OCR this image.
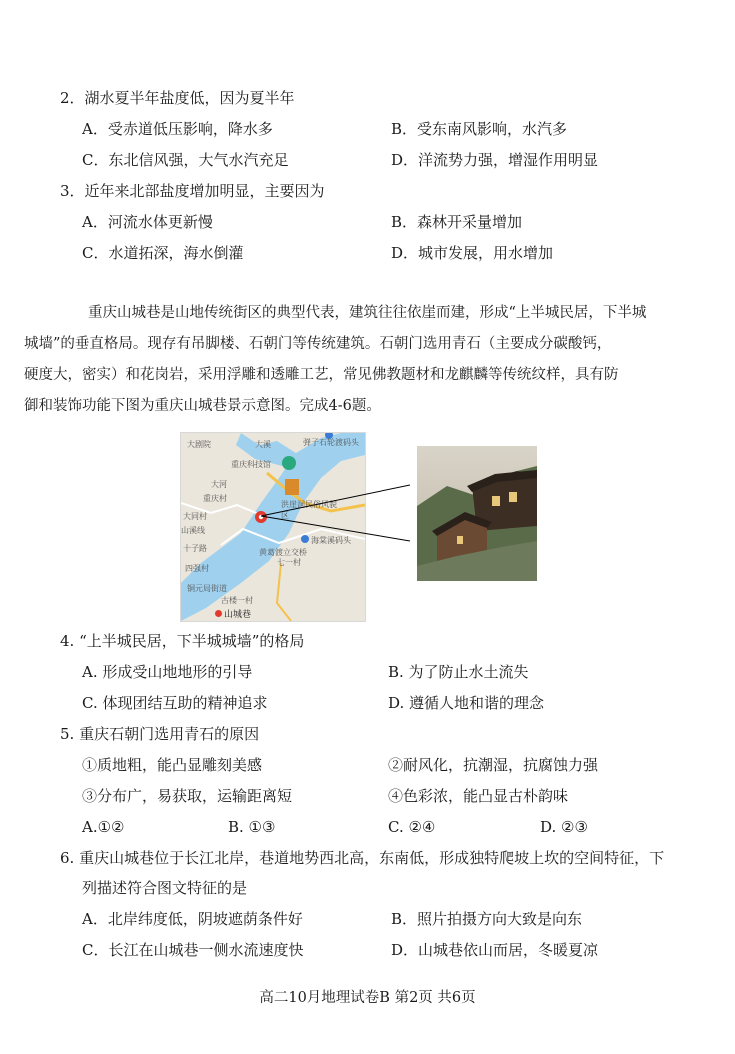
2．湖水夏半年盐度低，因为夏半年
A．受赤道低压影响，降水多	B．受东南风影响，水汽多
C．东北信风强，大气水汽充足	D．洋流势力强，增湿作用明显
3．近年来北部盐度增加明显，主要因为
A．河流水体更新慢	B．森林开采量增加
C．水道拓深，海水倒灌	D．城市发展，用水增加

重庆山城巷是山地传统街区的典型代表，建筑往往依崖而建，形成“上半城民居，下半城

城墙”的垂直格局。现存有吊脚楼、石朝门等传统建筑。石朝门选用青石（主要成分碳酸钙，

硬度大，密实）和花岗岩，采用浮雕和透雕工艺，常见佛教题材和龙麒麟等传统纹样，具有防

御和装饰功能下图为重庆山城巷景示意图。完成4-6题。

大剧院	大溪	弹子石轮渡码头
重庆科技馆
洪崖洞民俗风貌区
大河
海棠溪码头
黄葛渡立交桥
七一村
铜元局街道
古楼一村
重庆村
大同村
山溪线
四强村
十子路
山城巷
4. “上半城民居，下半城城墙”的格局
A. 形成受山地地形的引导	B. 为了防止水土流失
C. 体现团结互助的精神追求	D. 遵循人地和谐的理念
5. 重庆石朝门选用青石的原因
①质地粗，能凸显雕刻美感	②耐风化，抗潮湿，抗腐蚀力强
③分布广，易获取，运输距离短	④色彩浓，能凸显古朴韵味
A.①②	B. ①③	C. ②④	D. ②③
6. 重庆山城巷位于长江北岸，巷道地势西北高，东南低，形成独特爬坡上坎的空间特征，下
列描述符合图文特征的是
A．北岸纬度低，阴坡遮荫条件好	B．照片拍摄方向大致是向东
C．长江在山城巷一侧水流速度快	D．山城巷依山而居，冬暖夏凉
高二10月地理试卷B 第2页 共6页
